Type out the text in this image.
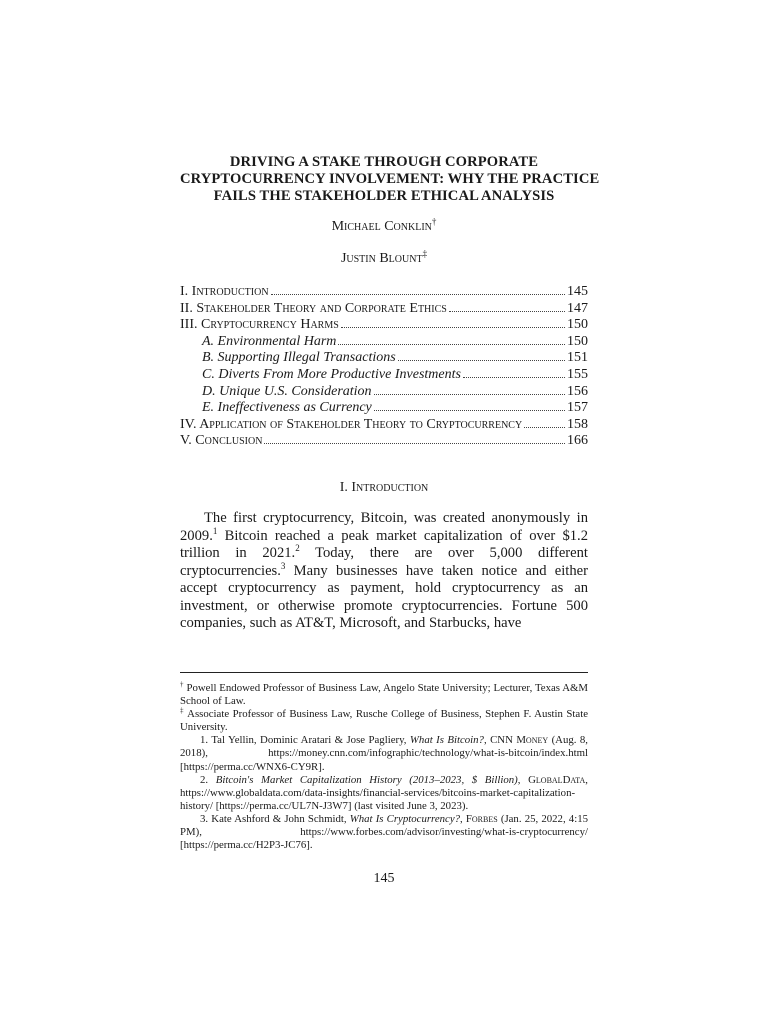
DRIVING A STAKE THROUGH CORPORATE
CRYPTOCURRENCY INVOLVEMENT: WHY THE PRACTICE
FAILS THE STAKEHOLDER ETHICAL ANALYSIS
Michael Conklin†
Justin Blount‡
I. Introduction	145
II. Stakeholder Theory and Corporate Ethics	147
III. Cryptocurrency Harms	150
A. Environmental Harm	150
B. Supporting Illegal Transactions	151
C. Diverts From More Productive Investments	155
D. Unique U.S. Consideration	156
E. Ineffectiveness as Currency	157
IV. Application of Stakeholder Theory to Cryptocurrency	158
V. Conclusion	166
I. Introduction

The first cryptocurrency, Bitcoin, was created anonymously in 2009.$^1$ Bitcoin reached a peak market capitalization of over $1.2 trillion in 2021.$^2$ Today, there are over 5,000 different cryptocurrencies.$^3$ Many businesses have taken notice and either accept cryptocurrency as payment, hold cryptocurrency as an investment, or otherwise promote cryptocurrencies. Fortune 500 companies, such as AT&T, Microsoft, and Starbucks, have

† Powell Endowed Professor of Business Law, Angelo State University; Lecturer, Texas A&M School of Law.

‡ Associate Professor of Business Law, Rusche College of Business, Stephen F. Austin State University.

1. Tal Yellin, Dominic Aratari & Jose Pagliery, What Is Bitcoin?, CNN Money (Aug. 8, 2018), https://money.cnn.com/infographic/technology/what-is-bitcoin/index.html [https://perma.cc/WNX6-CY9R].

2. Bitcoin's Market Capitalization History (2013–2023, $ Billion), GlobalData, https://www.globaldata.com/data-insights/financial-services/bitcoins-market-capitalization-history/ [https://perma.cc/UL7N-J3W7] (last visited June 3, 2023).

3. Kate Ashford & John Schmidt, What Is Cryptocurrency?, Forbes (Jan. 25, 2022, 4:15 PM), https://www.forbes.com/advisor/investing/what-is-cryptocurrency/ [https://perma.cc/H2P3-JC76].

145
